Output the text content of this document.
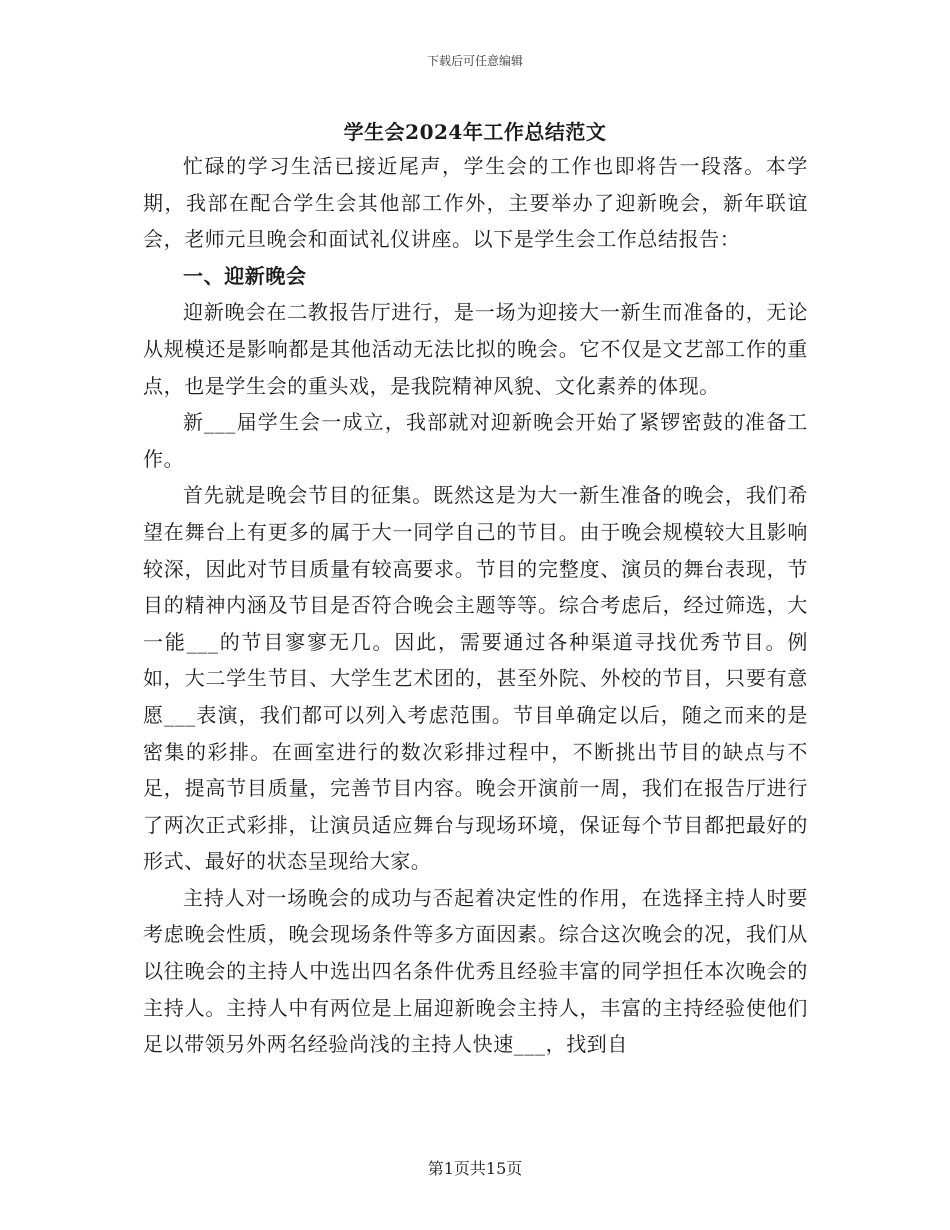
下载后可任意编辑
学生会2024年工作总结范文

忙碌的学习生活已接近尾声，学生会的工作也即将告一段落。本学期，我部在配合学生会其他部工作外，主要举办了迎新晚会，新年联谊会，老师元旦晚会和面试礼仪讲座。以下是学生会工作总结报告：

一、迎新晚会

迎新晚会在二教报告厅进行，是一场为迎接大一新生而准备的，无论从规模还是影响都是其他活动无法比拟的晚会。它不仅是文艺部工作的重点，也是学生会的重头戏，是我院精神风貌、文化素养的体现。

新___届学生会一成立，我部就对迎新晚会开始了紧锣密鼓的准备工作。

首先就是晚会节目的征集。既然这是为大一新生准备的晚会，我们希望在舞台上有更多的属于大一同学自己的节目。由于晚会规模较大且影响较深，因此对节目质量有较高要求。节目的完整度、演员的舞台表现，节目的精神内涵及节目是否符合晚会主题等等。综合考虑后，经过筛选，大一能___的节目寥寥无几。因此，需要通过各种渠道寻找优秀节目。例如，大二学生节目、大学生艺术团的，甚至外院、外校的节目，只要有意愿___表演，我们都可以列入考虑范围。节目单确定以后，随之而来的是密集的彩排。在画室进行的数次彩排过程中，不断挑出节目的缺点与不足，提高节目质量，完善节目内容。晚会开演前一周，我们在报告厅进行了两次正式彩排，让演员适应舞台与现场环境，保证每个节目都把最好的形式、最好的状态呈现给大家。

主持人对一场晚会的成功与否起着决定性的作用，在选择主持人时要考虑晚会性质，晚会现场条件等多方面因素。综合这次晚会的况，我们从以往晚会的主持人中选出四名条件优秀且经验丰富的同学担任本次晚会的主持人。主持人中有两位是上届迎新晚会主持人，丰富的主持经验使他们足以带领另外两名经验尚浅的主持人快速___，找到自

第1页共15页
